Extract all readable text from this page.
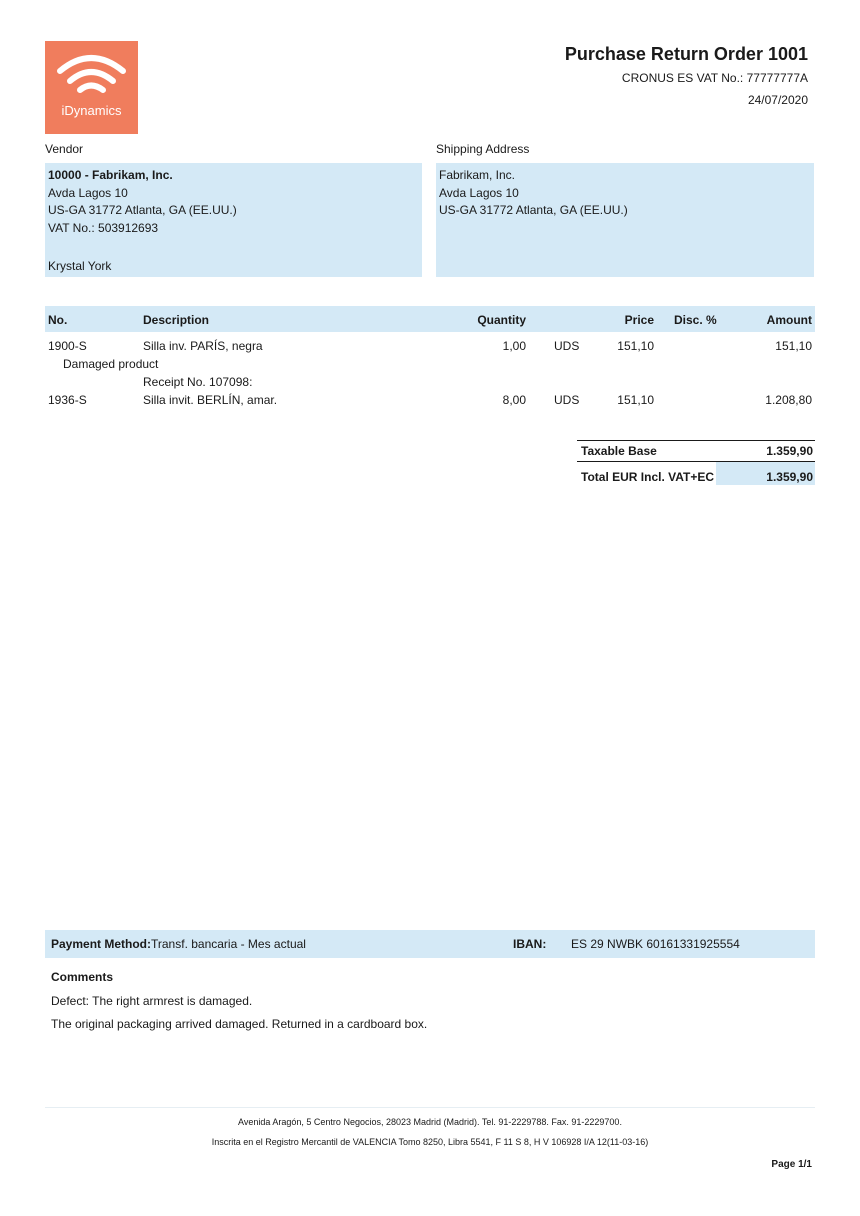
iDynamics
Purchase Return Order 1001
CRONUS ES VAT No.: 77777777A
24/07/2020
Vendor
10000 - Fabrikam, Inc.
Avda Lagos 10
US-GA 31772 Atlanta, GA (EE.UU.)
VAT No.: 503912693
Krystal York
Shipping Address
Fabrikam, Inc.
Avda Lagos 10
US-GA 31772 Atlanta, GA (EE.UU.)
No.	Description	Quantity	Price Disc. %	Amount
1900-S	Silla inv. PARÍS, negra	1,00 UDS	151,10	151,10
Damaged product
Receipt No. 107098:
1936-S	Silla invit. BERLÍN, amar.	8,00 UDS	151,10	1.208,80
Taxable Base	1.359,90
Total EUR Incl. VAT+EC	1.359,90
Payment Method: Transf. bancaria - Mes actual	IBAN: ES 29 NWBK 60161331925554
Comments
Defect: The right armrest is damaged.
The original packaging arrived damaged. Returned in a cardboard box.
Avenida Aragón, 5 Centro Negocios, 28023 Madrid (Madrid). Tel. 91-2229788. Fax. 91-2229700.
Inscrita en el Registro Mercantil de VALENCIA Tomo 8250, Libra 5541, F 11 S 8, H V 106928 I/A 12(11-03-16)
Page 1/1
